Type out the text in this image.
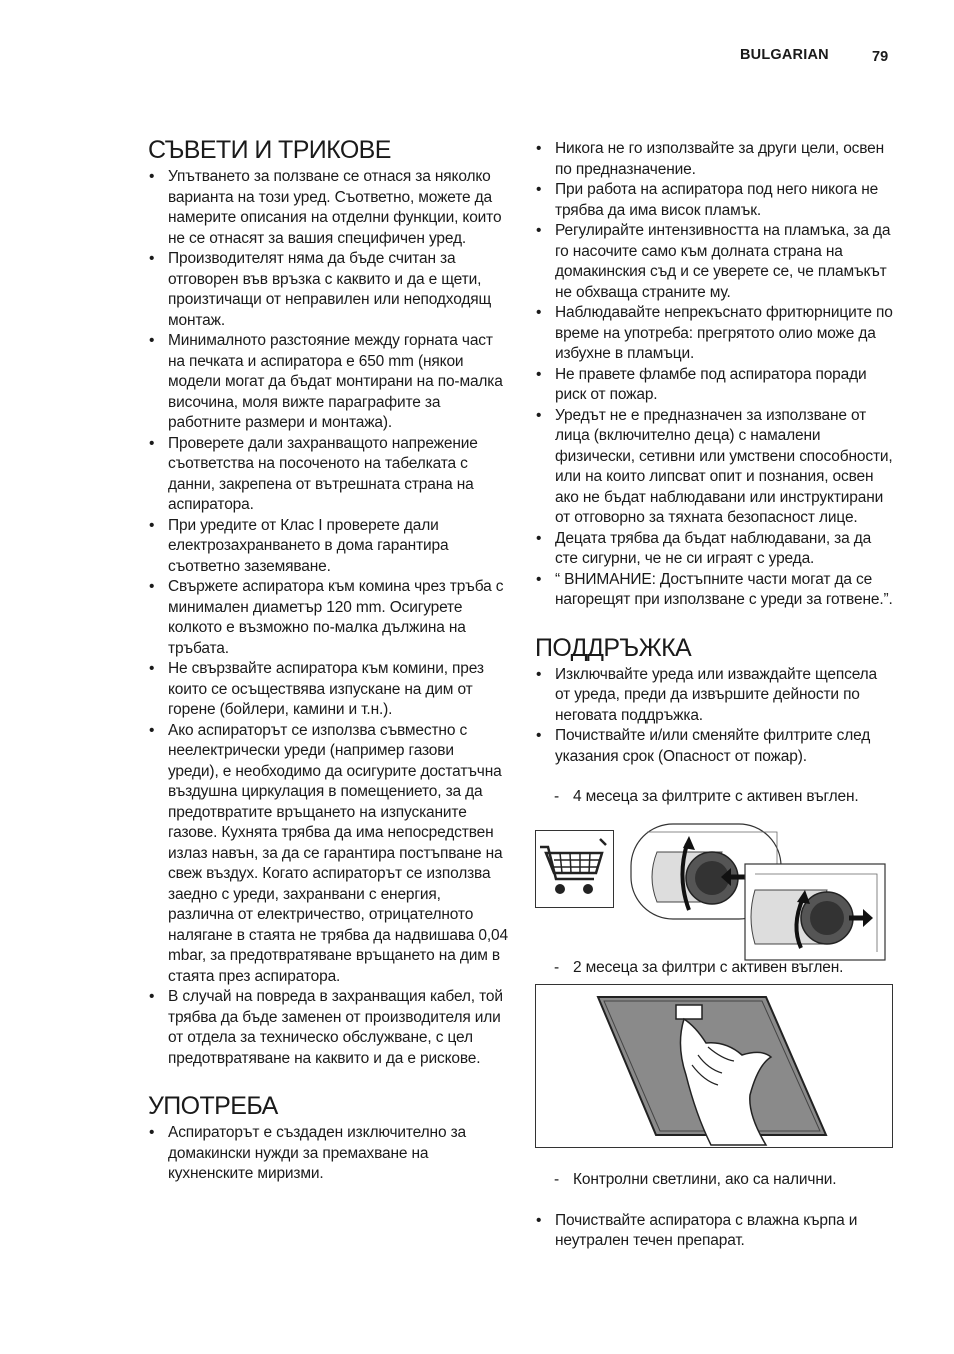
BULGARIAN	79
СЪВЕТИ И ТРИКОВЕ
• Упътването за ползване се отнася за няколко варианта на този уред. Съответно, можете да намерите описания на отделни функции, които не се отнасят за вашия специфичен уред.
• Производителят няма да бъде считан за отговорен във връзка с каквито и да е щети, произтичащи от неправилен или неподходящ монтаж.
• Минималното разстояние между горната част на печката и аспиратора е 650 mm (някои модели могат да бъдат монтирани на по-малка височина, моля вижте параграфите за работните размери и монтажа).
• Проверете дали захранващото напрежение съответства на посоченото на табелката с данни, закрепена от вътрешната страна на аспиратора.
• При уредите от Клас I проверете дали електрозахранването в дома гарантира съответно заземяване.
• Свържете аспиратора към комина чрез тръба с минимален диаметър 120 mm. Осигурете колкото е възможно по-малка дължина на тръбата.
• Не свързвайте аспиратора към комини, през които се осъществява изпускане на дим от горене (бойлери, камини и т.н.).
• Ако аспираторът се използва съвместно с неелектрически уреди (например газови уреди), е необходимо да осигурите достатъчна въздушна циркулация в помещението, за да предотвратите връщането на изпусканите газове. Кухнята трябва да има непосредствен излаз навън, за да се гарантира постъпване на свеж въздух. Когато аспираторът се използва заедно с уреди, захранвани с енергия, различна от електричество, отрицателното налягане в стаята не трябва да надвишава 0,04 mbar, за предотвратяване връщането на дим в стаята през аспиратора.
• В случай на повреда в захранващия кабел, той трябва да бъде заменен от производителя или от отдела за техническо обслужване, с цел предотвратяване на каквито и да е рискове.
УПОТРЕБА
• Аспираторът е създаден изключително за домакински нужди за премахване на кухненските миризми.
• Никога не го използвайте за други цели, освен по предназначение.
• При работа на аспиратора под него никога не трябва да има висок пламък.
• Регулирайте интензивността на пламъка, за да го насочите само към долната страна на домакинския съд и се уверете се, че пламъкът не обхваща страните му.
• Наблюдавайте непрекъснато фритюрниците по време на употреба: прегрятото олио може да избухне в пламъци.
• Не правете фламбе под аспиратора поради риск от пожар.
• Уредът не е предназначен за използване от лица (включително деца) с намалени физически, сетивни или умствени способности, или на които липсват опит и познания, освен ако не бъдат наблюдавани или инструктирани от отговорно за тяхната безопасност лице.
• Децата трябва да бъдат наблюдавани, за да сте сигурни, че не си играят с уреда.
• “ ВНИМАНИЕ: Достъпните части могат да се нагорещят при използване с уреди за готвене.”.
ПОДДРЪЖКА
• Изключвайте уреда или изваждайте щепсела от уреда, преди да извършите дейности по неговата поддръжка.
• Почиствайте и/или сменяйте филтрите след указания срок (Опасност от пожар).
- 4 месеца за филтрите с активен въглен.
- 2 месеца за филтри с активен въглен.
- Контролни светлини, ако са налични.
• Почиствайте аспиратора с влажна кърпа и неутрален течен препарат.
